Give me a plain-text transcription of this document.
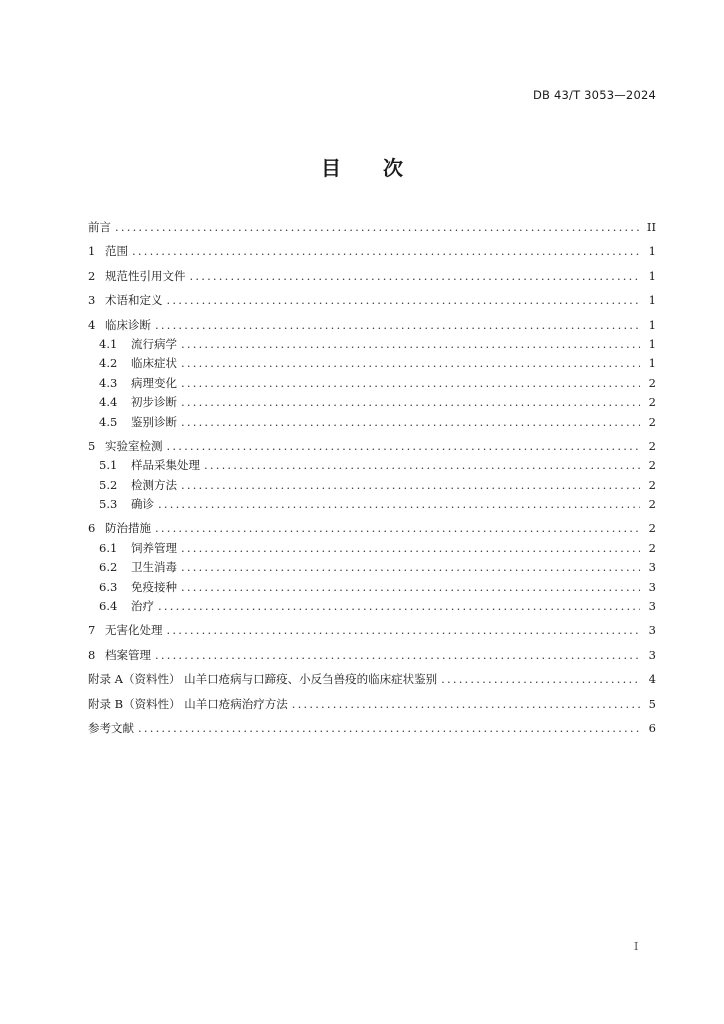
DB 43/T 3053—2024
目 次
前言 .....	II
1 范围 .....	1
2 规范性引用文件 .....	1
3 术语和定义 .....	1
4 临床诊断 .....	1
4.1	流行病学 .....	1
4.2	临床症状 .....	1
4.3	病理变化 .....	2
4.4	初步诊断 .....	2
4.5	鉴别诊断 .....	2
5 实验室检测 .....	2
5.1	样品采集处理 .....	2
5.2	检测方法 .....	2
5.3	确诊 .....	2
6 防治措施 .....	2
6.1	饲养管理 .....	2
6.2	卫生消毒 .....	3
6.3	免疫接种 .....	3
6.4	治疗 .....	3
7 无害化处理 .....	3
8 档案管理 .....	3
附录 A（资料性） 山羊口疮病与口蹄疫、小反刍兽疫的临床症状鉴别 .....	4
附录 B（资料性） 山羊口疮病治疗方法 .....	5
参考文献 .....	6
I
